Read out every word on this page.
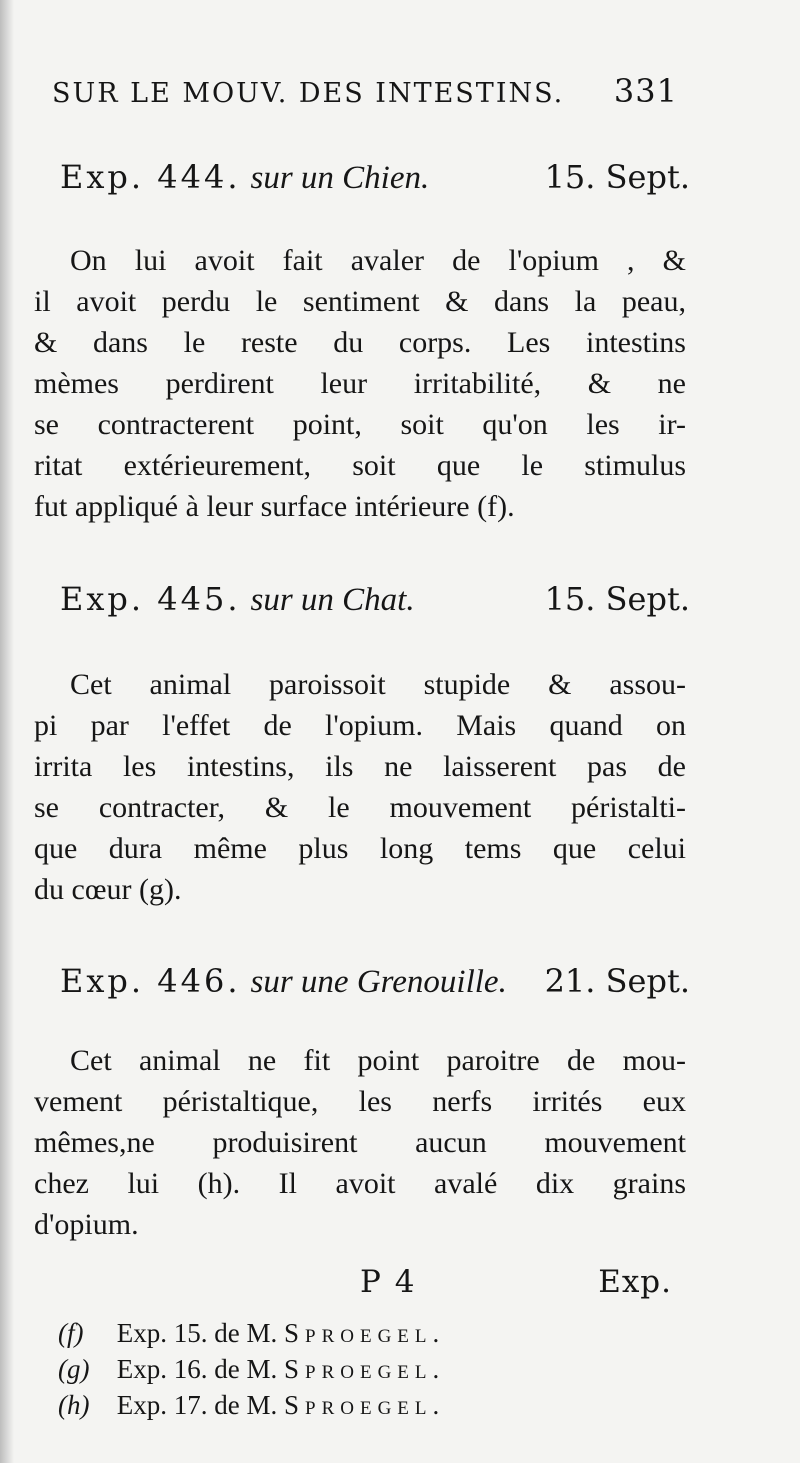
SUR LE MOUV. DES INTESTINS. 331
Exp. 444. sur un Chien.	15. Sept.
On lui avoit fait avaler de l'opium , &
il avoit perdu le sentiment & dans la peau,
& dans le reste du corps. Les intestins
mèmes perdirent leur irritabilité, & ne
se contracterent point, soit qu'on les ir-
ritat extérieurement, soit que le stimulus
fut appliqué à leur surface intérieure (f).
Exp. 445. sur un Chat.	15. Sept.
Cet animal paroissoit stupide & assou-
pi par l'effet de l'opium. Mais quand on
irrita les intestins, ils ne laisserent pas de
se contracter, & le mouvement péristalti-
que dura même plus long tems que celui
du cœur (g).
Exp. 446. sur une Grenouille. 21. Sept.
Cet animal ne fit point paroitre de mou-
vement péristaltique, les nerfs irrités eux
mêmes,ne produisirent aucun mouvement
chez lui (h). Il avoit avalé dix grains
d'opium.
P 4	Exp.
(f) Exp. 15. de M. Sproegel.
(g) Exp. 16. de M. Sproegel.
(h) Exp. 17. de M. Sproegel.
